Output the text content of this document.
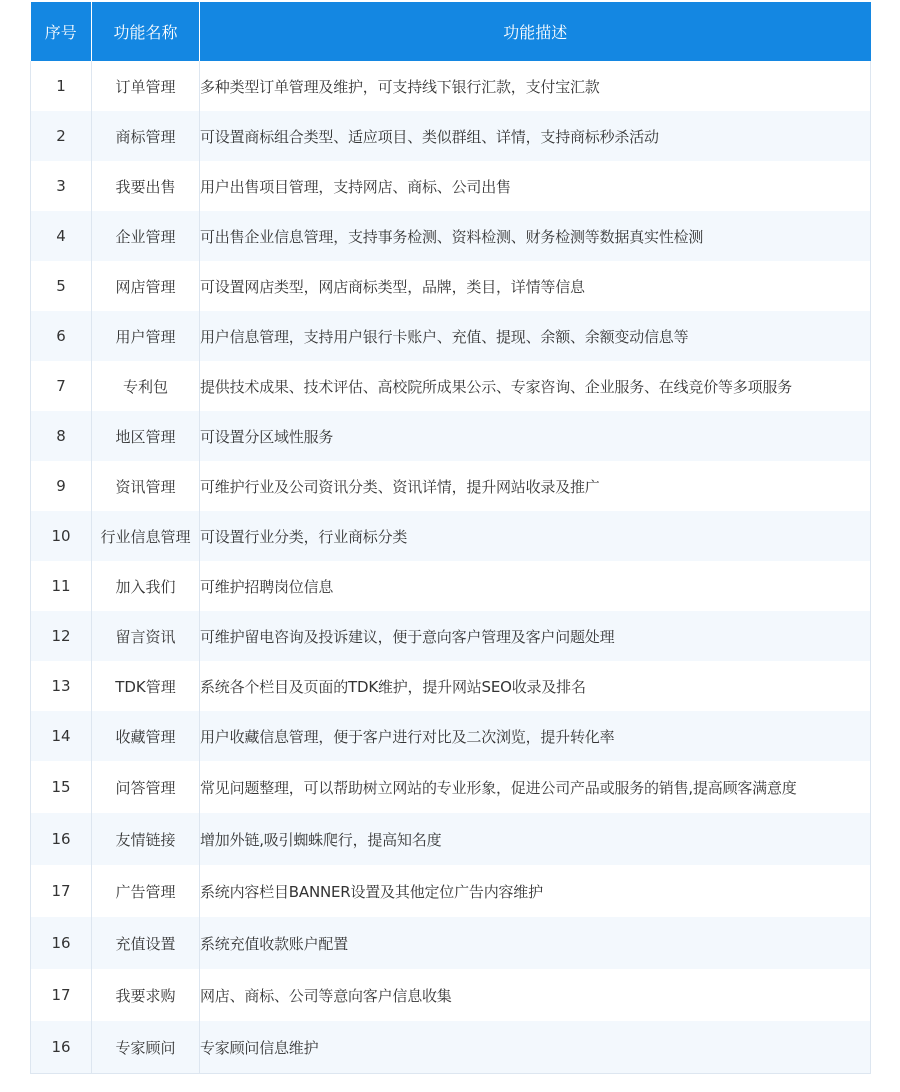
序号	功能名称	功能描述
1	订单管理	多种类型订单管理及维护，可支持线下银行汇款，支付宝汇款
2	商标管理	可设置商标组合类型、适应项目、类似群组、详情，支持商标秒杀活动
3	我要出售	用户出售项目管理，支持网店、商标、公司出售
4	企业管理	可出售企业信息管理，支持事务检测、资料检测、财务检测等数据真实性检测
5	网店管理	可设置网店类型，网店商标类型，品牌，类目，详情等信息
6	用户管理	用户信息管理，支持用户银行卡账户、充值、提现、余额、余额变动信息等
7	专利包	提供技术成果、技术评估、高校院所成果公示、专家咨询、企业服务、在线竞价等多项服务
8	地区管理	可设置分区域性服务
9	资讯管理	可维护行业及公司资讯分类、资讯详情，提升网站收录及推广
10	行业信息管理	可设置行业分类，行业商标分类
11	加入我们	可维护招聘岗位信息
12	留言资讯	可维护留电咨询及投诉建议，便于意向客户管理及客户问题处理
13	TDK管理	系统各个栏目及页面的TDK维护，提升网站SEO收录及排名
14	收藏管理	用户收藏信息管理，便于客户进行对比及二次浏览，提升转化率
15	问答管理	常见问题整理，可以帮助树立网站的专业形象，促进公司产品或服务的销售,提高顾客满意度
16	友情链接	增加外链,吸引蜘蛛爬行，提高知名度
17	广告管理	系统内容栏目BANNER设置及其他定位广告内容维护
16	充值设置	系统充值收款账户配置
17	我要求购	网店、商标、公司等意向客户信息收集
16	专家顾问	专家顾问信息维护
